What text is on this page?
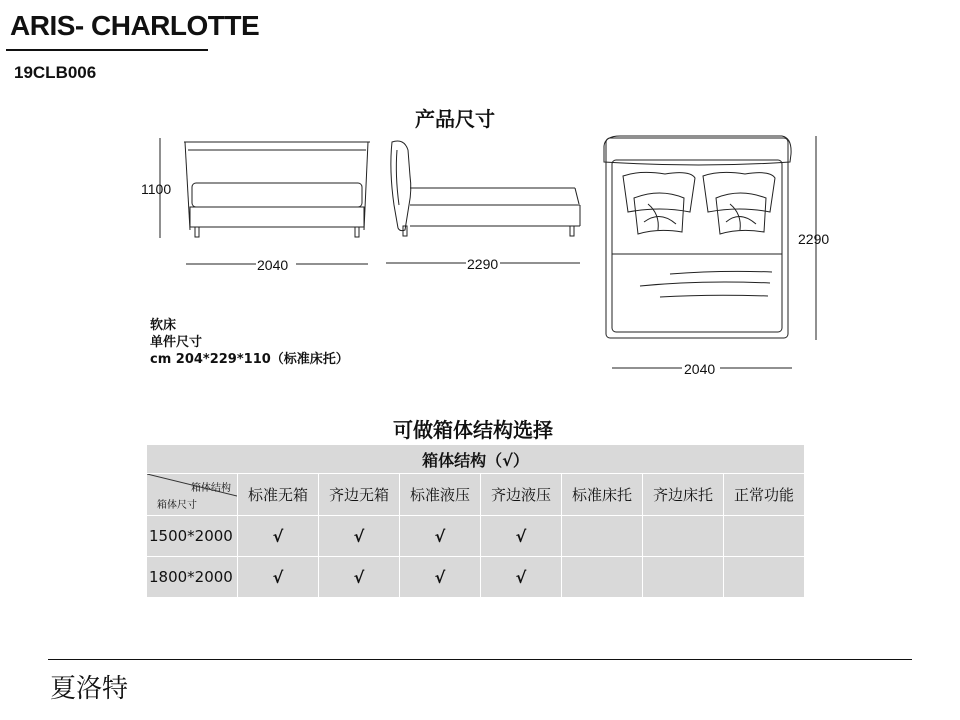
ARIS- CHARLOTTE
19CLB006
产品尺寸
1100
2040	2290
2290
2040
软床
单件尺寸
cm 204*229*110（标准床托）
可做箱体结构选择
箱体结构（√）							

箱体结构
箱体尺寸	标准无箱	齐边无箱	标准液压	齐边液压	标准床托	齐边床托	正常功能
1500*2000	√	√	√	√			
1800*2000	√	√	√	√			
夏洛特
